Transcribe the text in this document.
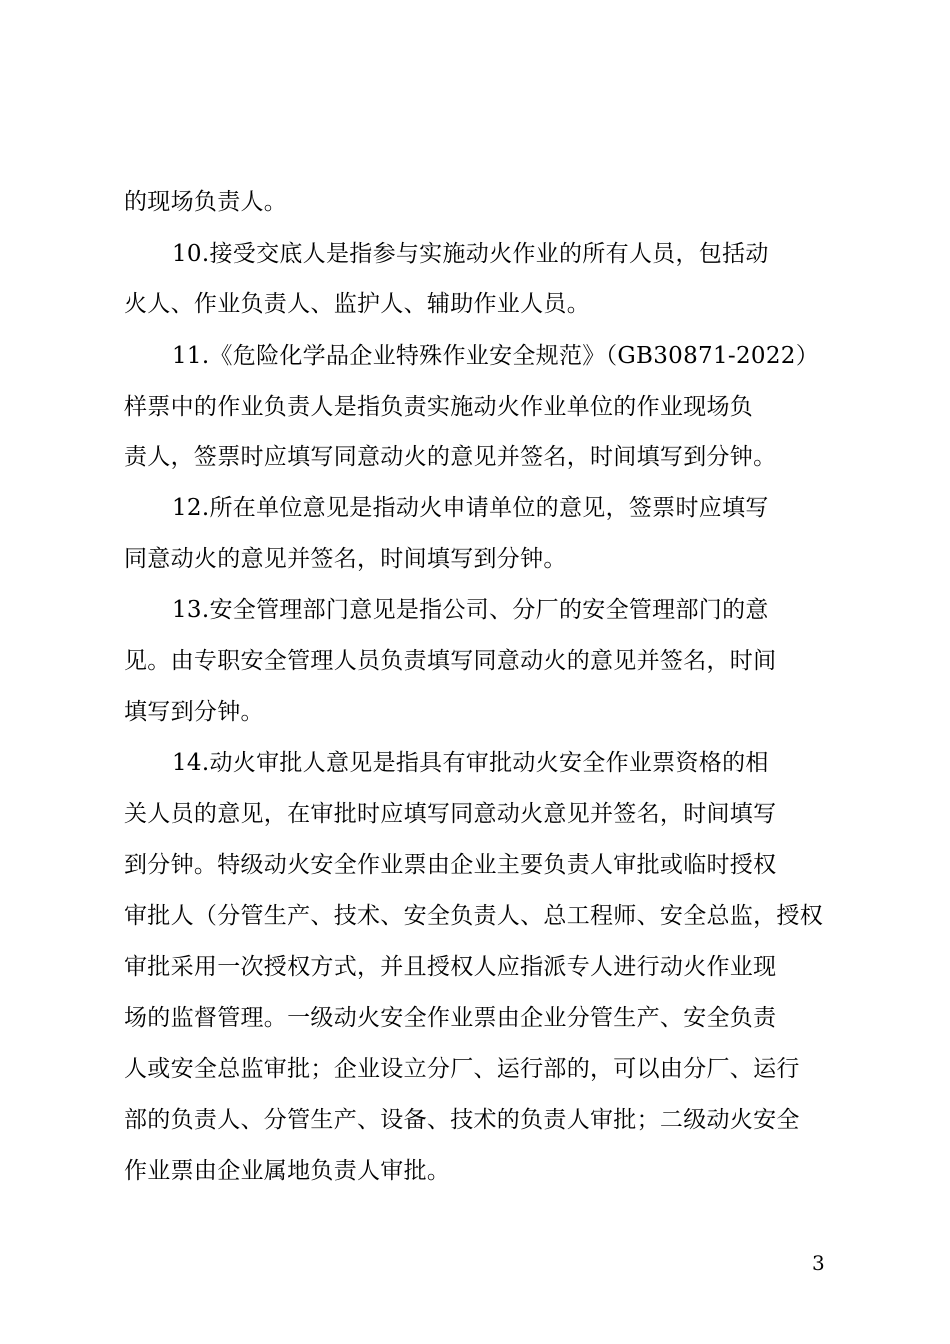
的现场负责人。
10.接受交底人是指参与实施动火作业的所有人员，包括动
火人、作业负责人、监护人、辅助作业人员。
11.《危险化学品企业特殊作业安全规范》（GB30871-2022）
样票中的作业负责人是指负责实施动火作业单位的作业现场负
责人，签票时应填写同意动火的意见并签名，时间填写到分钟。
12.所在单位意见是指动火申请单位的意见，签票时应填写
同意动火的意见并签名，时间填写到分钟。
13.安全管理部门意见是指公司、分厂的安全管理部门的意
见。由专职安全管理人员负责填写同意动火的意见并签名，时间
填写到分钟。
14.动火审批人意见是指具有审批动火安全作业票资格的相
关人员的意见，在审批时应填写同意动火意见并签名，时间填写
到分钟。特级动火安全作业票由企业主要负责人审批或临时授权
审批人（分管生产、技术、安全负责人、总工程师、安全总监，授权
审批采用一次授权方式，并且授权人应指派专人进行动火作业现
场的监督管理。一级动火安全作业票由企业分管生产、安全负责
人或安全总监审批；企业设立分厂、运行部的，可以由分厂、运行
部的负责人、分管生产、设备、技术的负责人审批；二级动火安全
作业票由企业属地负责人审批。
3
